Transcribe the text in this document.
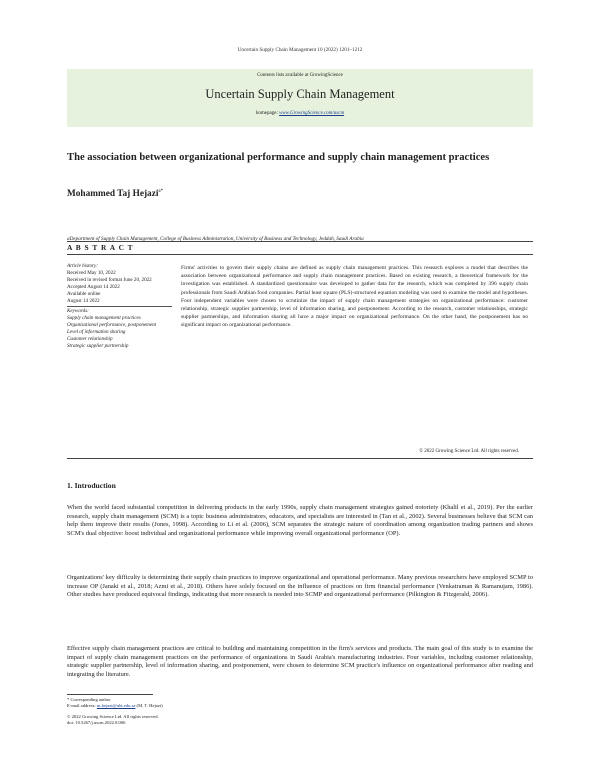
Uncertain Supply Chain Management 10 (2022) 1201–1212
Contents lists available at GrowingScience
Uncertain Supply Chain Management
homepage: www.GrowingScience.com/uscm
The association between organizational performance and supply chain management practices
Mohammed Taj Hejazi$^{a*}$
aDepartment of Supply Chain Management, College of Business Administration, University of Business and Technology, Jeddah, Saudi Arabia
A B S T R A C T
Article history:
Received May 10, 2022
Received in revised format June 20, 2022
Accepted August 14 2022
Available online
August 14 2022
Keywords:
Supply chain management practices
Organizational performance, postponement
Level of information sharing
Customer relationship
Strategic supplier partnership
Firms' activities to govern their supply chains are defined as supply chain management practices. This research explores a model that describes the association between organizational performance and supply chain management practices. Based on existing research, a theoretical framework for the investigation was established. A standardized questionnaire was developed to gather data for the research, which was completed by 396 supply chain professionals from Saudi Arabian food companies. Partial least square (PLS)-structured equation modeling was used to examine the model and hypotheses. Four independent variables were chosen to scrutinize the impact of supply chain management strategies on organizational performance: customer relationship, strategic supplier partnership, level of information sharing, and postponement. According to the research, customer relationships, strategic supplier partnerships, and information sharing all have a major impact on organizational performance. On the other hand, the postponement has no significant impact on organizational performance.
© 2022 Growing Science Ltd. All rights reserved.
1. Introduction
When the world faced substantial competition in delivering products in the early 1990s, supply chain management strategies gained notoriety (Khalil et al., 2019). Per the earlier research, supply chain management (SCM) is a topic business administrators, educators, and specialists are interested in (Tan et al., 2002). Several businesses believe that SCM can help them improve their results (Jones, 1998). According to Li et al. (2006), SCM separates the strategic nature of coordination among organization trading partners and shows SCM's dual objective: boost individual and organizational performance while improving overall organizational performance (OP).
Organizations' key difficulty is determining their supply chain practices to improve organizational and operational performance. Many previous researchers have employed SCMP to increase OP (Janaki et al., 2018; Azmi et al., 2018). Others have solely focused on the influence of practices on firm financial performance (Venkatraman & Ramanujam, 1986). Other studies have produced equivocal findings, indicating that more research is needed into SCMP and organizational performance (Pilkington & Fitzgerald, 2006).
Effective supply chain management practices are critical to building and maintaining competition in the firm's services and products. The main goal of this study is to examine the impact of supply chain management practices on the performance of organizations in Saudi Arabia's manufacturing industries. Four variables, including customer relationship, strategic supplier partnership, level of information sharing, and postponement, were chosen to determine SCM practice's influence on organizational performance after reading and integrating the literature.
* Corresponding author
E-mail address: m.hejazi@ubt.edu.sa (M. T. Hejazi)
© 2022 Growing Science Ltd. All rights reserved.
doi: 10.5267/j.uscm.2022.8.006
